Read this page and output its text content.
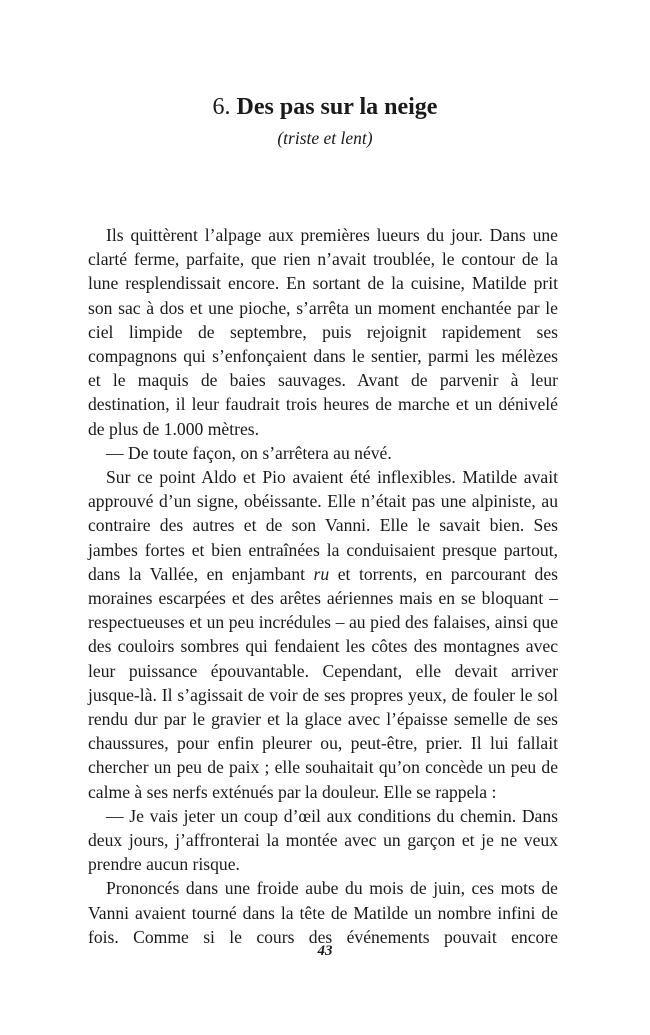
6. Des pas sur la neige
(triste et lent)

Ils quittèrent l’alpage aux premières lueurs du jour. Dans une clarté ferme, parfaite, que rien n’avait troublée, le contour de la lune resplendissait encore. En sortant de la cuisine, Matilde prit son sac à dos et une pioche, s’arrêta un moment enchantée par le ciel limpide de septembre, puis rejoignit rapidement ses compagnons qui s’enfonçaient dans le sentier, parmi les mélèzes et le maquis de baies sauvages. Avant de parvenir à leur destination, il leur faudrait trois heures de marche et un dénivelé de plus de 1.000 mètres.

— De toute façon, on s’arrêtera au névé.

Sur ce point Aldo et Pio avaient été inflexibles. Matilde avait approuvé d’un signe, obéissante. Elle n’était pas une alpiniste, au contraire des autres et de son Vanni. Elle le savait bien. Ses jambes fortes et bien entraînées la conduisaient presque partout, dans la Vallée, en enjambant ru et torrents, en parcourant des moraines escarpées et des arêtes aériennes mais en se bloquant – respectueuses et un peu incrédules – au pied des falaises, ainsi que des couloirs sombres qui fendaient les côtes des montagnes avec leur puissance épouvantable. Cependant, elle devait arriver jusque-là. Il s’agissait de voir de ses propres yeux, de fouler le sol rendu dur par le gravier et la glace avec l’épaisse semelle de ses chaussures, pour enfin pleurer ou, peut-être, prier. Il lui fallait chercher un peu de paix ; elle souhaitait qu’on concède un peu de calme à ses nerfs exténués par la douleur. Elle se rappela :

— Je vais jeter un coup d’œil aux conditions du chemin. Dans deux jours, j’affronterai la montée avec un garçon et je ne veux prendre aucun risque.

Prononcés dans une froide aube du mois de juin, ces mots de Vanni avaient tourné dans la tête de Matilde un nombre infini de fois. Comme si le cours des événements pouvait encore

43
